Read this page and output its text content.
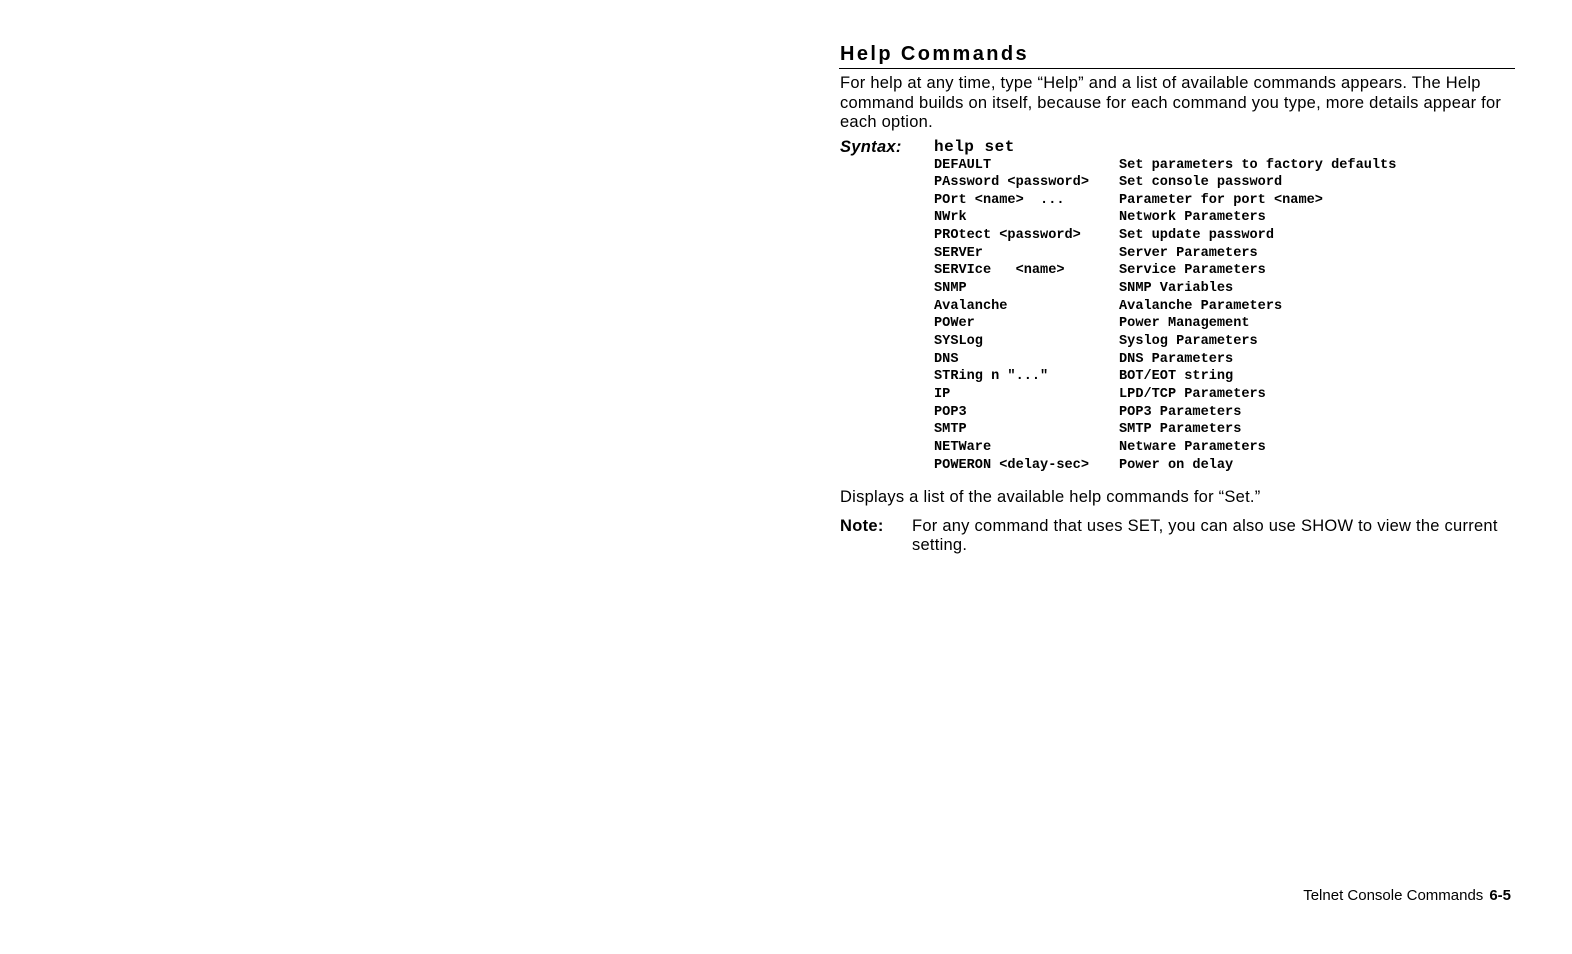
Help Commands

For help at any time, type “Help” and a list of available commands appears. The Help command builds on itself, because for each command you type, more details appear for each option.

Syntax:	help set
DEFAULT	Set parameters to factory defaults
PAssword <password>	Set console password
POrt <name>  ...	Parameter for port <name>
NWrk	Network Parameters
PROtect <password>	Set update password
SERVEr	Server Parameters
SERVIce   <name>	Service Parameters
SNMP	SNMP Variables
Avalanche	Avalanche Parameters
POWer	Power Management
SYSLog	Syslog Parameters
DNS	DNS Parameters
STRing n "..."	BOT/EOT string
IP	LPD/TCP Parameters
POP3	POP3 Parameters
SMTP	SMTP Parameters
NETWare	Netware Parameters
POWERON <delay-sec>	Power on delay

Displays a list of the available help commands for “Set.”

Note:	For any command that uses SET, you can also use SHOW to view the current setting.
Telnet Console Commands 6-5
